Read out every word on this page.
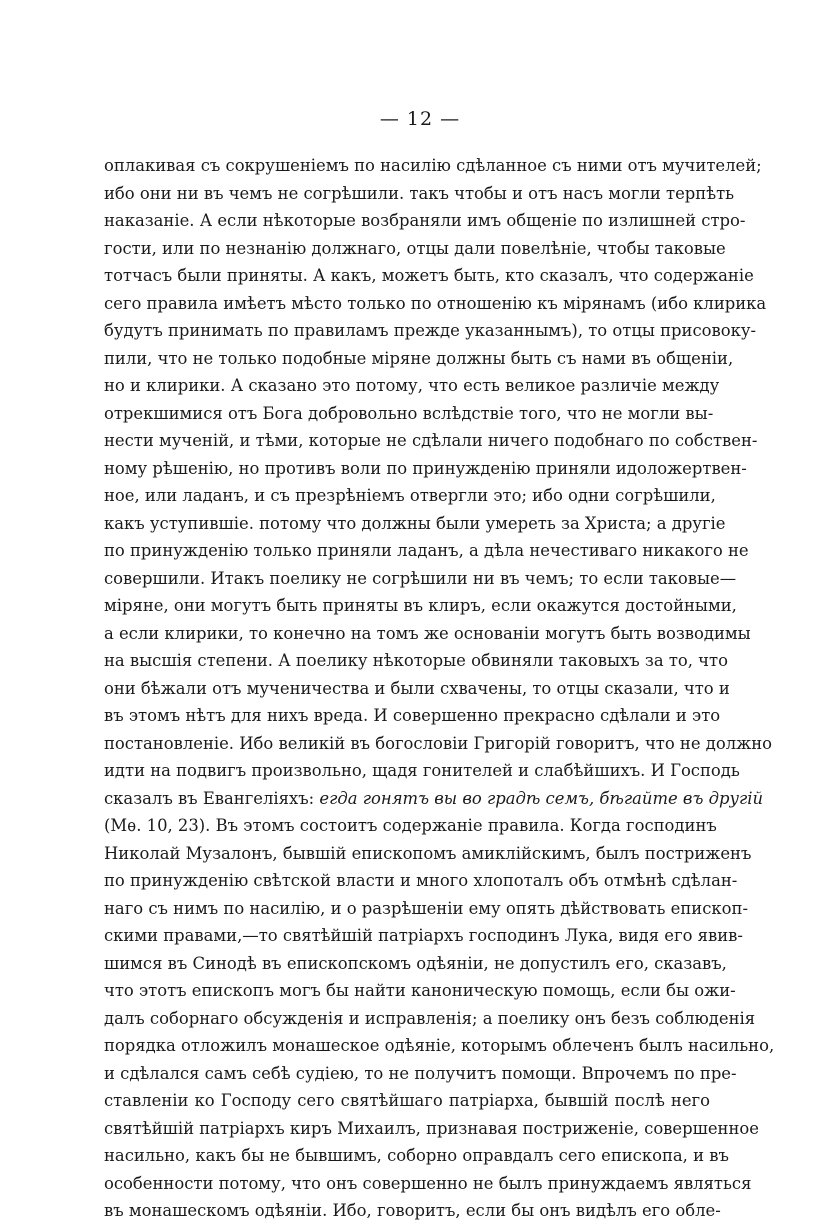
— 12 —
оплакивая съ сокрушеніемъ по насилію сдѣланное съ ними отъ мучителей;
ибо они ни въ чемъ не согрѣшили. такъ чтобы и отъ насъ могли терпѣть
наказаніе. А если нѣкоторые возбраняли имъ общеніе по излишней стро-
гости, или по незнанію должнаго, отцы дали повелѣніе, чтобы таковые
тотчасъ были приняты. А какъ, можетъ быть, кто сказалъ, что содержаніе
сего правила имѣетъ мѣсто только по отношенію къ мірянамъ (ибо клирика
будутъ принимать по правиламъ прежде указаннымъ), то отцы присовоку-
пили, что не только подобные міряне должны быть съ нами въ общеніи,
но и клирики. А сказано это потому, что есть великое различіе между
отрекшимися отъ Бога добровольно вслѣдствіе того, что не могли вы-
нести мученій, и тѣми, которые не сдѣлали ничего подобнаго по собствен-
ному рѣшенію, но противъ воли по принужденію приняли идоложертвен-
ное, или ладанъ, и съ презрѣніемъ отвергли это; ибо одни согрѣшили,
какъ уступившіе. потому что должны были умереть за Христа; а другіе
по принужденію только приняли ладанъ, а дѣла нечестиваго никакого не
совершили. Итакъ поелику не согрѣшили ни въ чемъ; то если таковые—
міряне, они могутъ быть приняты въ клиръ, если окажутся достойными,
а если клирики, то конечно на томъ же основаніи могутъ быть возводимы
на высшія степени. А поелику нѣкоторые обвиняли таковыхъ за то, что
они бѣжали отъ мученичества и были схвачены, то отцы сказали, что и
въ этомъ нѣтъ для нихъ вреда. И совершенно прекрасно сдѣлали и это
постановленіе. Ибо великій въ богословіи Григорій говоритъ, что не должно
идти на подвигъ произвольно, щадя гонителей и слабѣйшихъ. И Господь
сказалъ въ Евангеліяхъ: егда гонятъ вы во градѣ семъ, бѣгайте въ другій
(Мѳ. 10, 23). Въ этомъ состоитъ содержаніе правила. Когда господинъ
Николай Музалонъ, бывшій епископомъ амиклійскимъ, былъ постриженъ
по принужденію свѣтской власти и много хлопоталъ объ отмѣнѣ сдѣлан-
наго съ нимъ по насилію, и о разрѣшеніи ему опять дѣйствовать епископ-
скими правами,—то святѣйшій патріархъ господинъ Лука, видя его явив-
шимся въ Синодѣ въ епископскомъ одѣяніи, не допустилъ его, сказавъ,
что этотъ епископъ могъ бы найти каноническую помощь, если бы ожи-
далъ соборнаго обсужденія и исправленія; а поелику онъ безъ соблюденія
порядка отложилъ монашеское одѣяніе, которымъ облеченъ былъ насильно,
и сдѣлался самъ себѣ судіею, то не получитъ помощи. Впрочемъ по пре-
ставленіи ко Господу сего святѣйшаго патріарха, бывшій послѣ него
святѣйшій патріархъ киръ Михаилъ, признавая постриженіе, совершенное
насильно, какъ бы не бывшимъ, соборно оправдалъ сего епископа, и въ
особенности потому, что онъ совершенно не былъ принуждаемъ являться
въ монашескомъ одѣяніи. Ибо, говоритъ, если бы онъ видѣлъ его обле-
